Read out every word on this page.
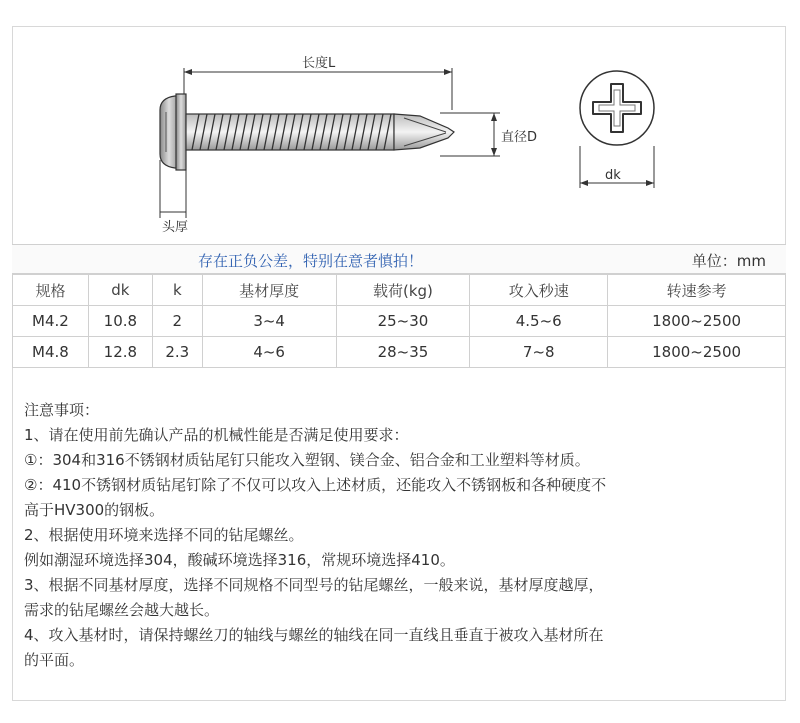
长度L
直径D
头厚
dk
存在正负公差，特别在意者慎拍！	单位：mm
规格	dk	k	基材厚度	载荷(kg)	攻入秒速	转速参考
M4.2	10.8	2	3~4	25~30	4.5~6	1800~2500
M4.8	12.8	2.3	4~6	28~35	7~8	1800~2500
注意事项：
1、请在使用前先确认产品的机械性能是否满足使用要求：
①：304和316不锈钢材质钻尾钉只能攻入塑钢、镁合金、铝合金和工业塑料等材质。
②：410不锈钢材质钻尾钉除了不仅可以攻入上述材质，还能攻入不锈钢板和各种硬度不
高于HV300的钢板。
2、根据使用环境来选择不同的钻尾螺丝。
例如潮湿环境选择304，酸碱环境选择316，常规环境选择410。
3、根据不同基材厚度，选择不同规格不同型号的钻尾螺丝，一般来说，基材厚度越厚，
需求的钻尾螺丝会越大越长。
4、攻入基材时，请保持螺丝刀的轴线与螺丝的轴线在同一直线且垂直于被攻入基材所在
的平面。
